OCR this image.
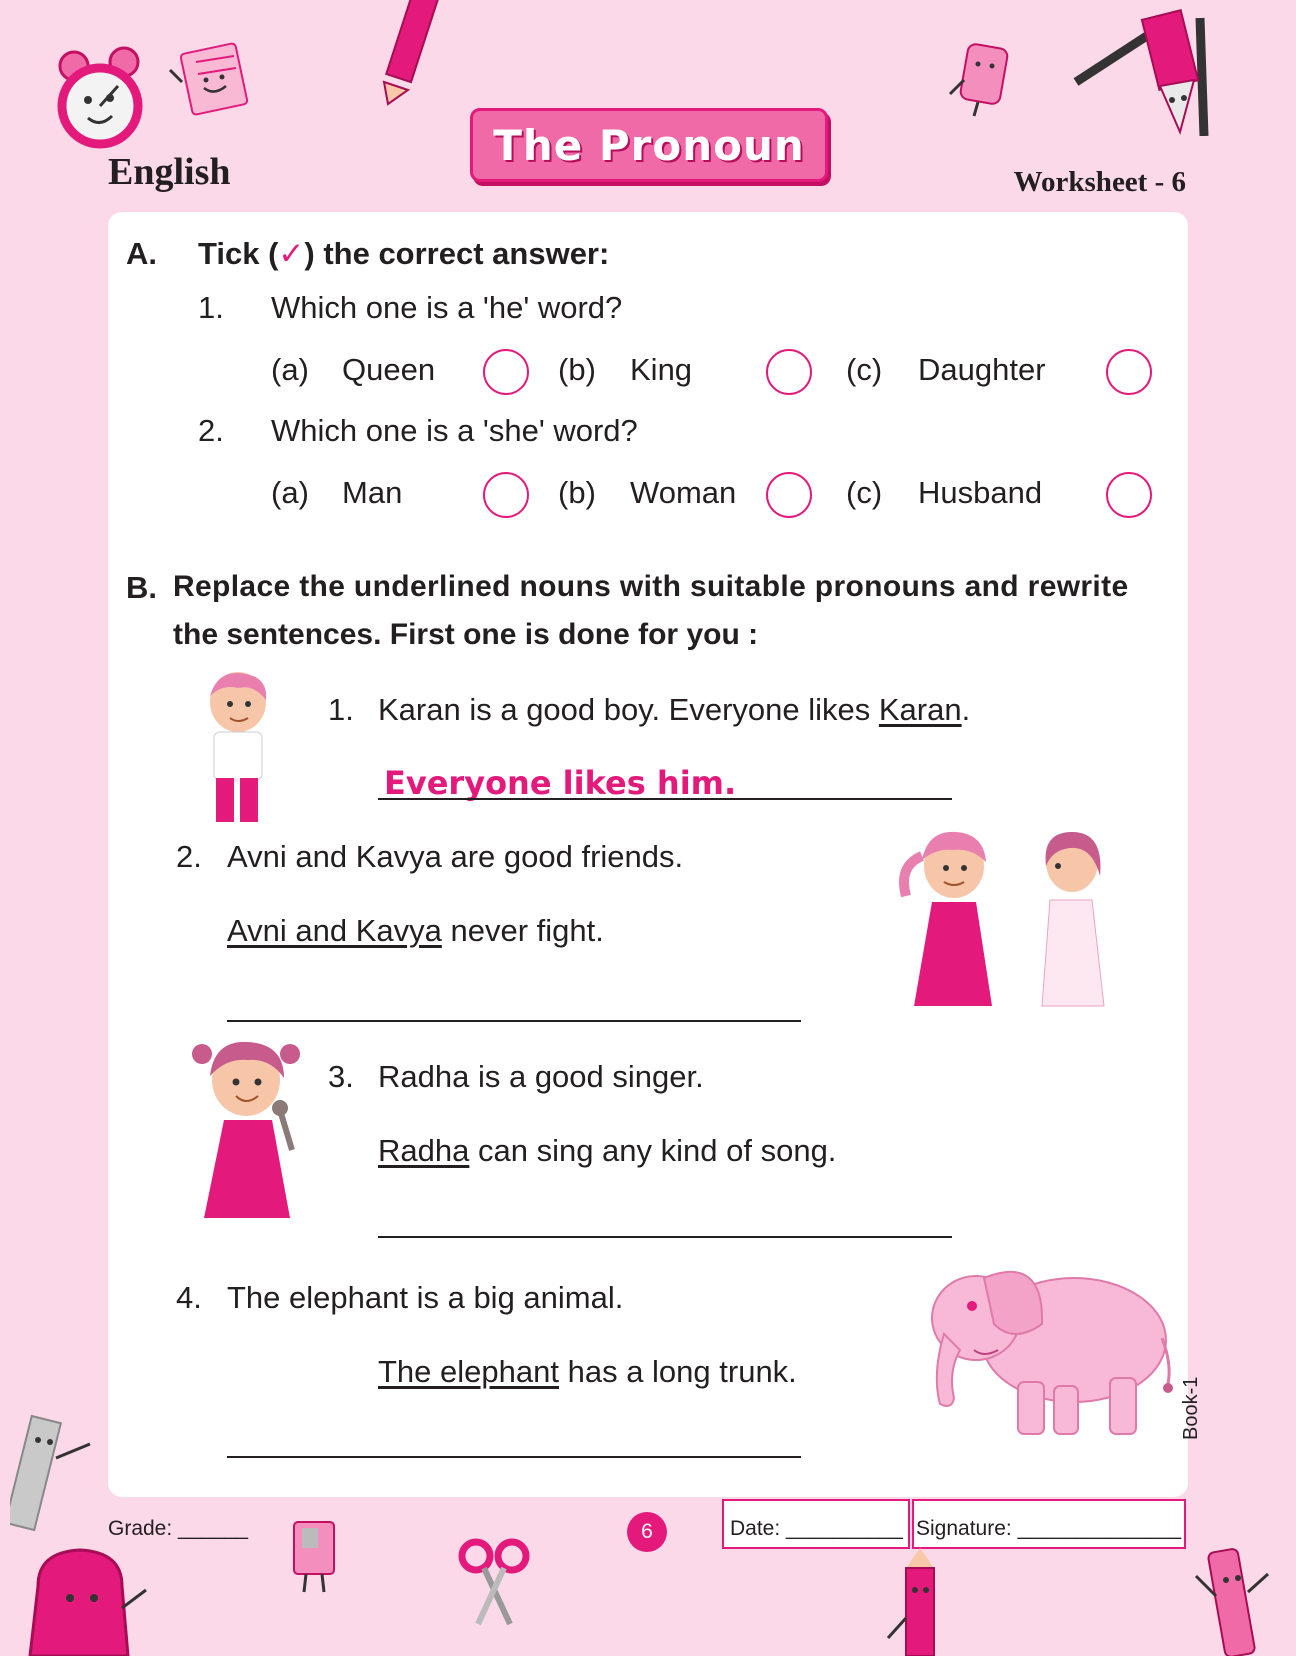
English
The Pronoun
Worksheet - 6
A. Tick (✓) the correct answer:
1. Which one is a 'he' word?
(a) Queen	(b) King	(c) Daughter
2. Which one is a 'she' word?
(a) Man	(b) Woman	(c) Husband
B. Replace the underlined nouns with suitable pronouns and rewrite
the sentences. First one is done for you :
1. Karan is a good boy. Everyone likes Karan.
Everyone likes him.
2. Avni and Kavya are good friends.
Avni and Kavya never fight.
3. Radha is a good singer.
Radha can sing any kind of song.
4. The elephant is a big animal.
The elephant has a long trunk.
Grade: ______	6	Date: __________ Signature: ______________
Book-1
